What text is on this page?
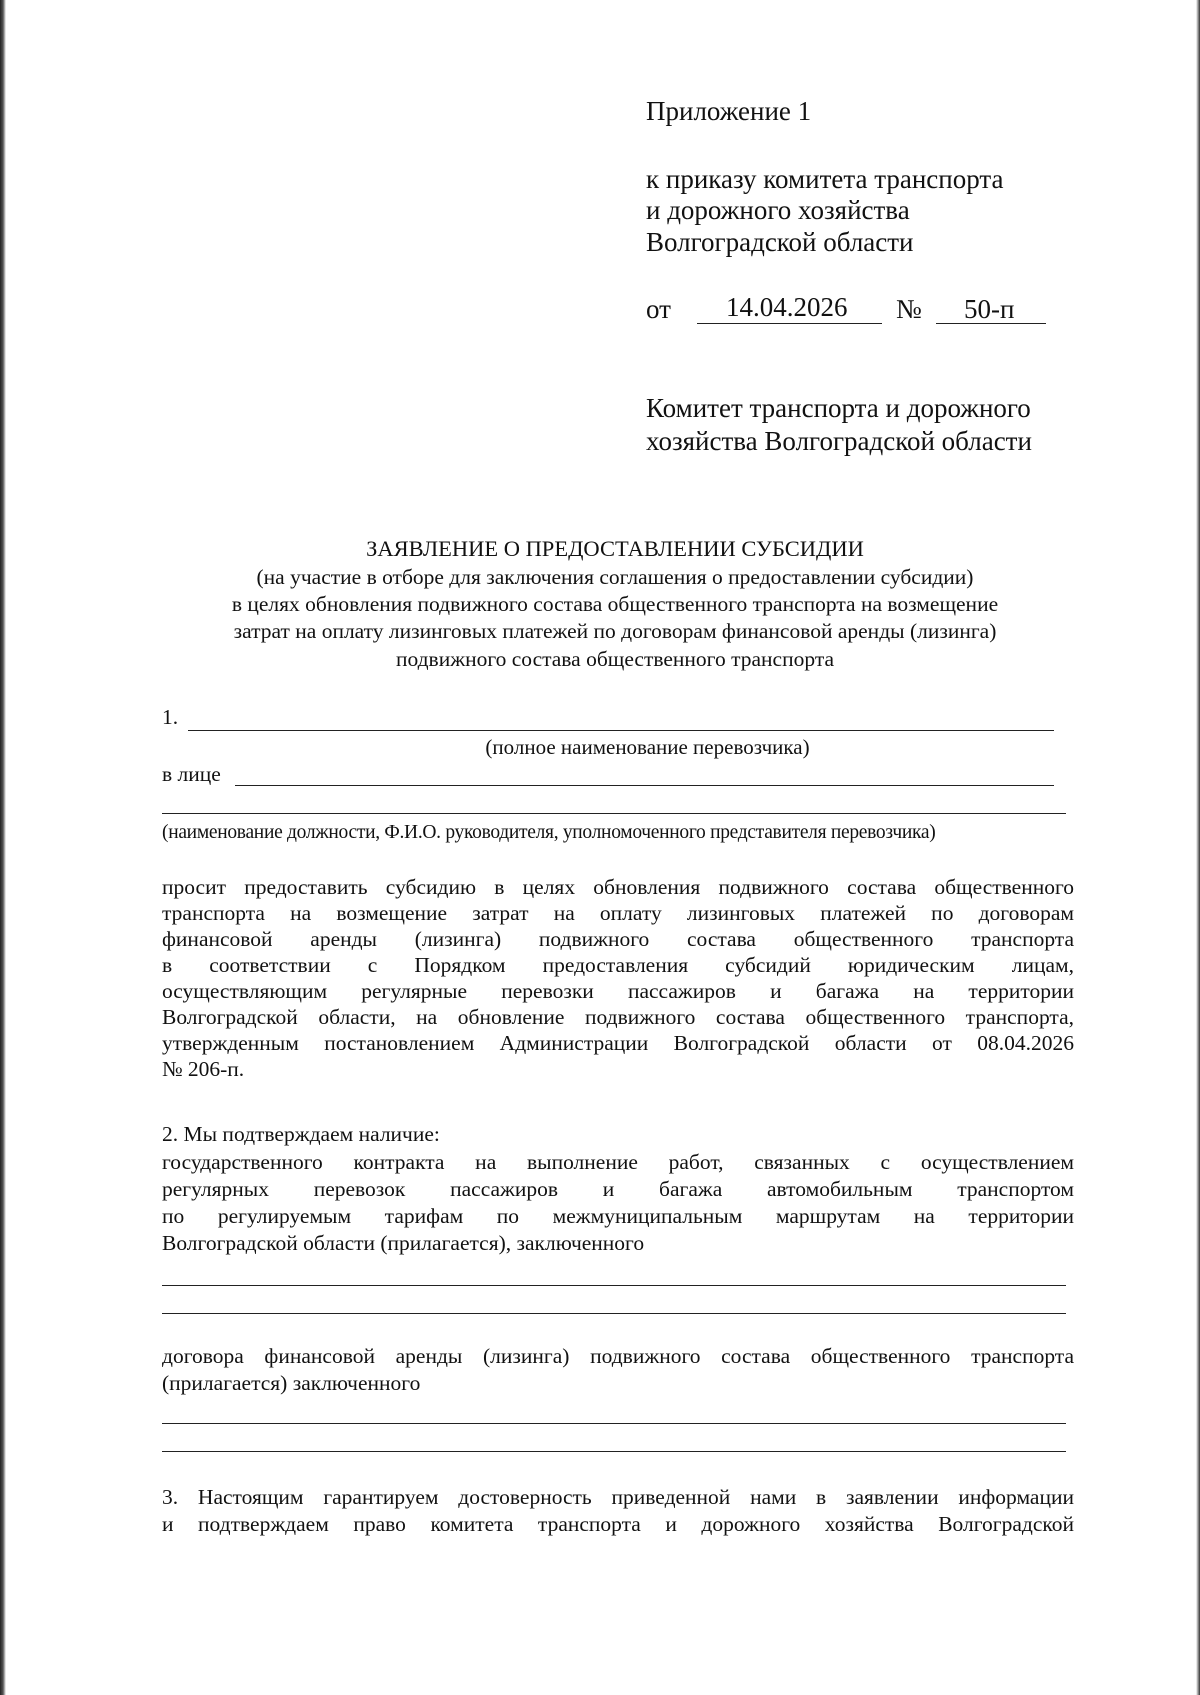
Приложение 1
к приказу комитета транспорта
и дорожного хозяйства
Волгоградской области
от 14.04.2026 № 50-п
Комитет транспорта и дорожного
хозяйства Волгоградской области
ЗАЯВЛЕНИЕ О ПРЕДОСТАВЛЕНИИ СУБСИДИИ
(на участие в отборе для заключения соглашения о предоставлении субсидии)
в целях обновления подвижного состава общественного транспорта на возмещение
затрат на оплату лизинговых платежей по договорам финансовой аренды (лизинга)
подвижного состава общественного транспорта
1.
(полное наименование перевозчика)
в лице
(наименование должности, Ф.И.О. руководителя, уполномоченного представителя перевозчика)
просит предоставить субсидию в целях обновления подвижного состава общественного
транспорта на возмещение затрат на оплату лизинговых платежей по договорам
финансовой аренды (лизинга) подвижного состава общественного транспорта
в соответствии с Порядком предоставления субсидий юридическим лицам,
осуществляющим регулярные перевозки пассажиров и багажа на территории
Волгоградской области, на обновление подвижного состава общественного транспорта,
утвержденным постановлением Администрации Волгоградской области от 08.04.2026
№ 206-п.
2. Мы подтверждаем наличие:
государственного контракта на выполнение работ, связанных с осуществлением
регулярных перевозок пассажиров и багажа автомобильным транспортом
по регулируемым тарифам по межмуниципальным маршрутам на территории
Волгоградской области (прилагается), заключенного
договора финансовой аренды (лизинга) подвижного состава общественного транспорта
(прилагается) заключенного
3. Настоящим гарантируем достоверность приведенной нами в заявлении информации
и подтверждаем право комитета транспорта и дорожного хозяйства Волгоградской
